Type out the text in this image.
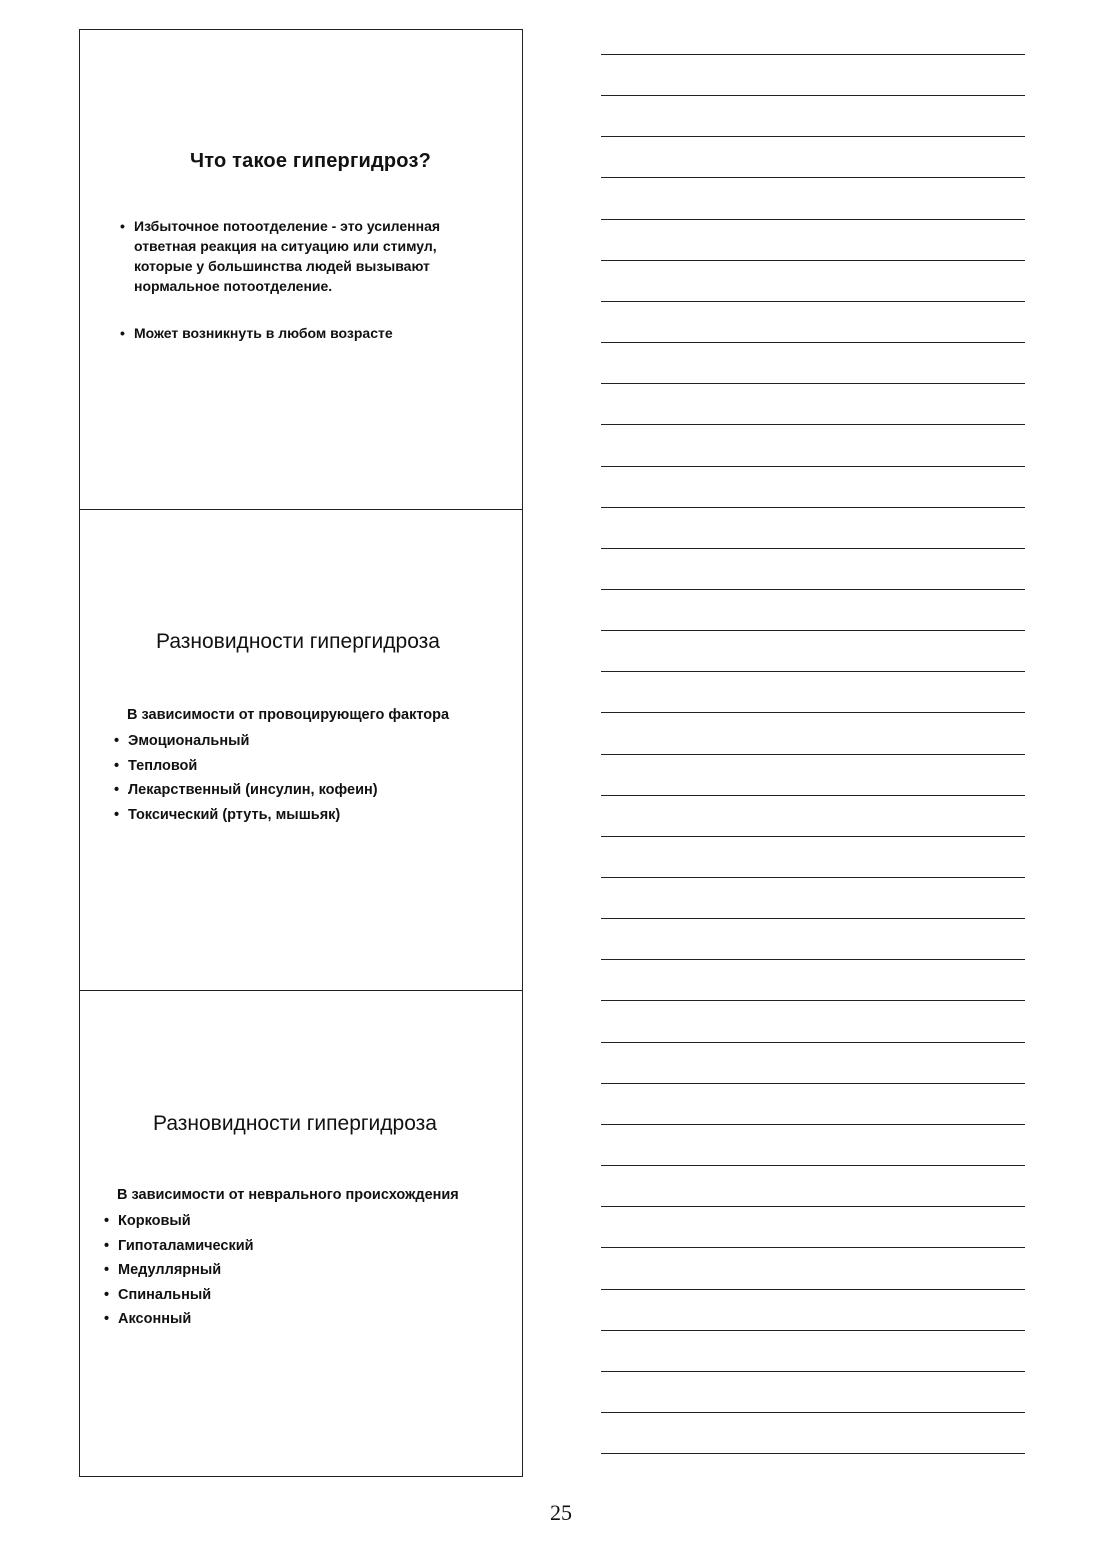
Что такое гипергидроз?
• Избыточное потоотделение - это усиленная ответная реакция на ситуацию или стимул, которые у большинства людей вызывают нормальное потоотделение.
• Может возникнуть в любом возрасте
Разновидности гипергидроза
В зависимости от провоцирующего фактора
• Эмоциональный
• Тепловой
• Лекарственный (инсулин, кофеин)
• Токсический (ртуть, мышьяк)
Разновидности гипергидроза
В зависимости от неврального происхождения
• Корковый
• Гипоталамический
• Медуллярный
• Спинальный
• Аксонный
25
